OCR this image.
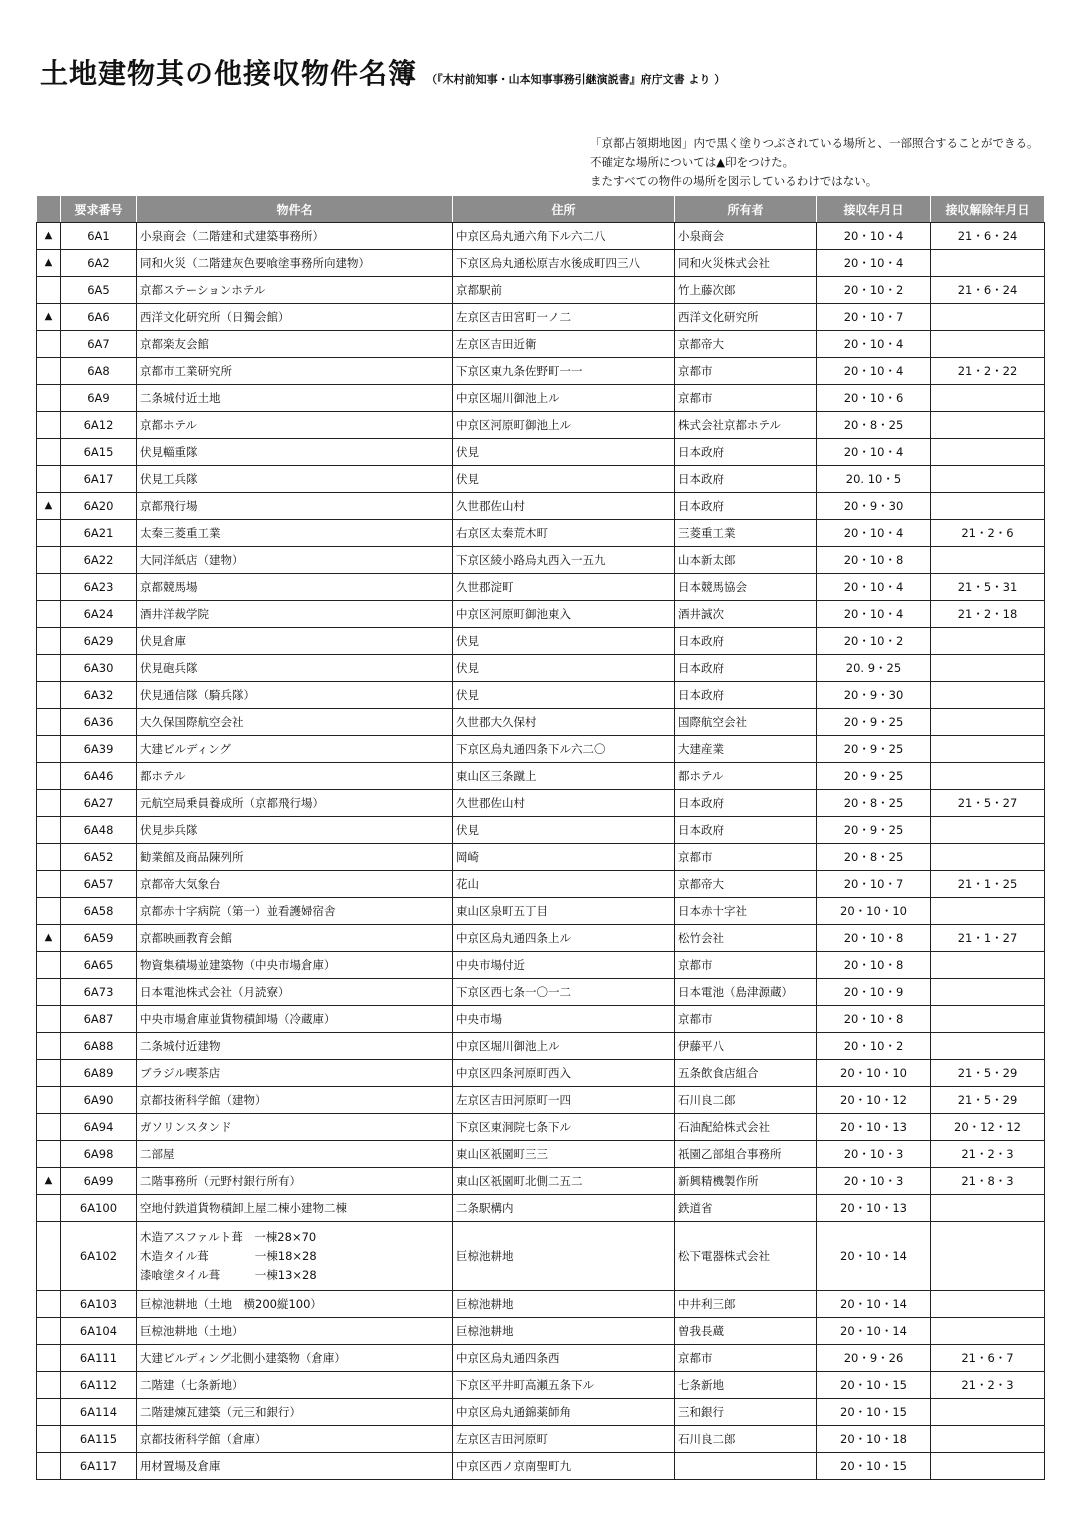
土地建物其の他接収物件名簿 （『木村前知事・山本知事事務引継演説書』府庁文書 より ）
「京都占領期地図」内で黒く塗りつぶされている場所と、一部照合することができる。
不確定な場所については▲印をつけた。
またすべての物件の場所を図示しているわけではない。
	要求番号	物件名	住所	所有者	接収年月日	接収解除年月日
▲	6A1	小泉商会（二階建和式建築事務所）	中京区烏丸通六角下ル六二八	小泉商会	20・10・4	21・6・24
▲	6A2	同和火災（二階建灰色要喰塗事務所向建物）	下京区烏丸通松原吉水後成町四三八	同和火災株式会社	20・10・4	
	6A5	京都ステーションホテル	京都駅前	竹上藤次郎	20・10・2	21・6・24
▲	6A6	西洋文化研究所（日獨会館）	左京区吉田宮町一ノ二	西洋文化研究所	20・10・7	
	6A7	京都楽友会館	左京区吉田近衛	京都帝大	20・10・4	
	6A8	京都市工業研究所	下京区東九条佐野町一一	京都市	20・10・4	21・2・22
	6A9	二条城付近土地	中京区堀川御池上ル	京都市	20・10・6	
	6A12	京都ホテル	中京区河原町御池上ル	株式会社京都ホテル	20・8・25	
	6A15	伏見輜重隊	伏見	日本政府	20・10・4	
	6A17	伏見工兵隊	伏見	日本政府	20. 10・5	
▲	6A20	京都飛行場	久世郡佐山村	日本政府	20・9・30	
	6A21	太秦三菱重工業	右京区太秦荒木町	三菱重工業	20・10・4	21・2・6
	6A22	大同洋紙店（建物）	下京区綾小路烏丸西入一五九	山本新太郎	20・10・8	
	6A23	京都競馬場	久世郡淀町	日本競馬協会	20・10・4	21・5・31
	6A24	酒井洋裁学院	中京区河原町御池東入	酒井誠次	20・10・4	21・2・18
	6A29	伏見倉庫	伏見	日本政府	20・10・2	
	6A30	伏見砲兵隊	伏見	日本政府	20. 9・25	
	6A32	伏見通信隊（騎兵隊）	伏見	日本政府	20・9・30	
	6A36	大久保国際航空会社	久世郡大久保村	国際航空会社	20・9・25	
	6A39	大建ビルディング	下京区烏丸通四条下ル六二〇	大建産業	20・9・25	
	6A46	都ホテル	東山区三条蹴上	都ホテル	20・9・25	
	6A27	元航空局乗員養成所（京都飛行場）	久世郡佐山村	日本政府	20・8・25	21・5・27
	6A48	伏見歩兵隊	伏見	日本政府	20・9・25	
	6A52	勧業館及商品陳列所	岡崎	京都市	20・8・25	
	6A57	京都帝大気象台	花山	京都帝大	20・10・7	21・1・25
	6A58	京都赤十字病院（第一）並看護婦宿舎	東山区泉町五丁目	日本赤十字社	20・10・10	
▲	6A59	京都映画教育会館	中京区烏丸通四条上ル	松竹会社	20・10・8	21・1・27
	6A65	物資集積場並建築物（中央市場倉庫）	中央市場付近	京都市	20・10・8	
	6A73	日本電池株式会社（月読寮）	下京区西七条一〇一二	日本電池（島津源蔵）	20・10・9	
	6A87	中央市場倉庫並貨物積卸場（冷蔵庫）	中央市場	京都市	20・10・8	
	6A88	二条城付近建物	中京区堀川御池上ル	伊藤平八	20・10・2	
	6A89	ブラジル喫茶店	中京区四条河原町西入	五条飲食店組合	20・10・10	21・5・29
	6A90	京都技術科学館（建物）	左京区吉田河原町一四	石川良二郎	20・10・12	21・5・29
	6A94	ガソリンスタンド	下京区東洞院七条下ル	石油配給株式会社	20・10・13	20・12・12
	6A98	二部屋	東山区祇園町三三	祇園乙部組合事務所	20・10・3	21・2・3
▲	6A99	二階事務所（元野村銀行所有）	東山区祇園町北側二五二	新興精機製作所	20・10・3	21・8・3
	6A100	空地付鉄道貨物積卸上屋二棟小建物二棟	二条駅構内	鉄道省	20・10・13	
	6A102	木造アスファルト葺　一棟28×70
木造タイル葺　　　　一棟18×28
漆喰塗タイル葺　　　一棟13×28	巨椋池耕地	松下電器株式会社	20・10・14	
	6A103	巨椋池耕地（土地　横200縦100）	巨椋池耕地	中井利三郎	20・10・14	
	6A104	巨椋池耕地（土地）	巨椋池耕地	曽我長蔵	20・10・14	
	6A111	大建ビルディング北側小建築物（倉庫）	中京区烏丸通四条西	京都市	20・9・26	21・6・7
	6A112	二階建（七条新地）	下京区平井町高瀬五条下ル	七条新地	20・10・15	21・2・3
	6A114	二階建煉瓦建築（元三和銀行）	中京区烏丸通錦薬師角	三和銀行	20・10・15	
	6A115	京都技術科学館（倉庫）	左京区吉田河原町	石川良二郎	20・10・18	
	6A117	用材置場及倉庫	中京区西ノ京南聖町九		20・10・15	
